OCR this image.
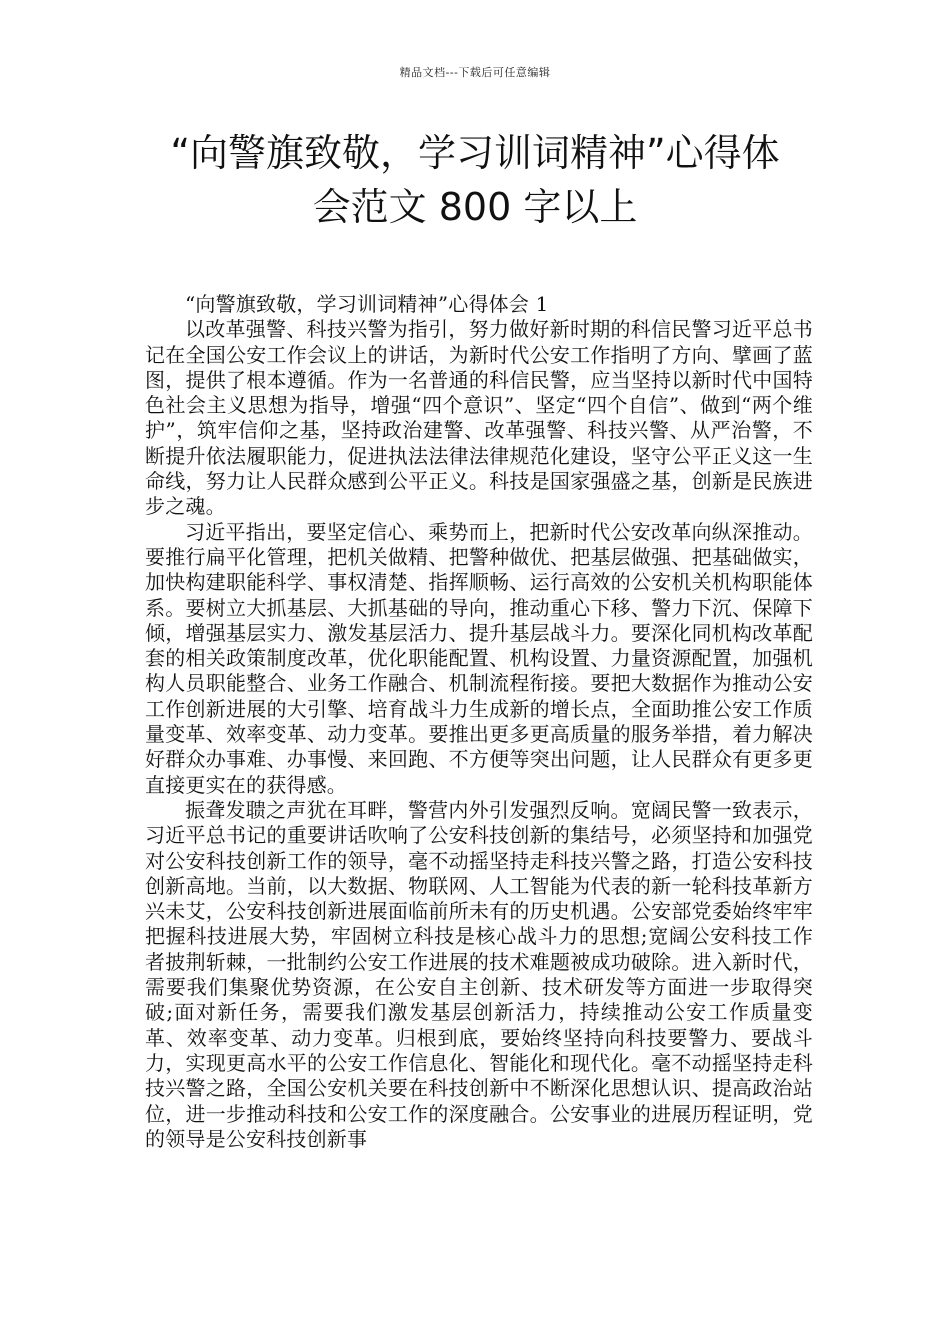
精品文档---下载后可任意编辑
“向警旗致敬，学习训词精神”心得体
会范文 800 字以上

“向警旗致敬，学习训词精神”心得体会 1

以改革强警、科技兴警为指引，努力做好新时期的科信民警习近平总书记在全国公安工作会议上的讲话，为新时代公安工作指明了方向、擘画了蓝图，提供了根本遵循。作为一名普通的科信民警，应当坚持以新时代中国特色社会主义思想为指导，增强“四个意识”、坚定“四个自信”、做到“两个维护”，筑牢信仰之基，坚持政治建警、改革强警、科技兴警、从严治警，不断提升依法履职能力，促进执法法律法律规范化建设，坚守公平正义这一生命线，努力让人民群众感到公平正义。科技是国家强盛之基，创新是民族进步之魂。

习近平指出，要坚定信心、乘势而上，把新时代公安改革向纵深推动。要推行扁平化管理，把机关做精、把警种做优、把基层做强、把基础做实，加快构建职能科学、事权清楚、指挥顺畅、运行高效的公安机关机构职能体系。要树立大抓基层、大抓基础的导向，推动重心下移、警力下沉、保障下倾，增强基层实力、激发基层活力、提升基层战斗力。要深化同机构改革配套的相关政策制度改革，优化职能配置、机构设置、力量资源配置，加强机构人员职能整合、业务工作融合、机制流程衔接。要把大数据作为推动公安工作创新进展的大引擎、培育战斗力生成新的增长点，全面助推公安工作质量变革、效率变革、动力变革。要推出更多更高质量的服务举措，着力解决好群众办事难、办事慢、来回跑、不方便等突出问题，让人民群众有更多更直接更实在的获得感。

振聋发聩之声犹在耳畔，警营内外引发强烈反响。宽阔民警一致表示，习近平总书记的重要讲话吹响了公安科技创新的集结号，必须坚持和加强党对公安科技创新工作的领导，毫不动摇坚持走科技兴警之路，打造公安科技创新高地。当前，以大数据、物联网、人工智能为代表的新一轮科技革新方兴未艾，公安科技创新进展面临前所未有的历史机遇。公安部党委始终牢牢把握科技进展大势，牢固树立科技是核心战斗力的思想;宽阔公安科技工作者披荆斩棘，一批制约公安工作进展的技术难题被成功破除。进入新时代，需要我们集聚优势资源，在公安自主创新、技术研发等方面进一步取得突破;面对新任务，需要我们激发基层创新活力，持续推动公安工作质量变革、效率变革、动力变革。归根到底，要始终坚持向科技要警力、要战斗力，实现更高水平的公安工作信息化、智能化和现代化。毫不动摇坚持走科技兴警之路，全国公安机关要在科技创新中不断深化思想认识、提高政治站位，进一步推动科技和公安工作的深度融合。公安事业的进展历程证明，党的领导是公安科技创新事
